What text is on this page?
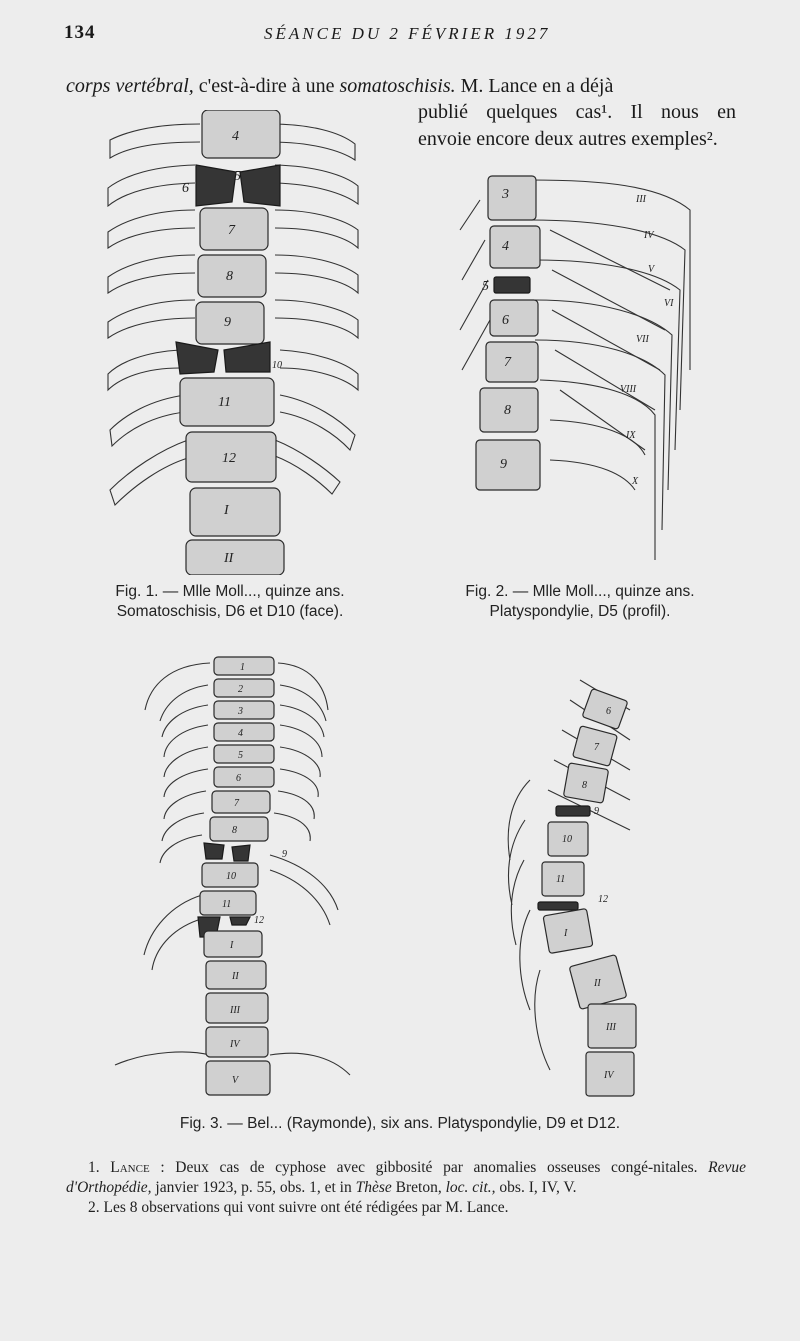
134	SÉANCE DU 2 FÉVRIER 1927
corps vertébral, c'est-à-dire à une somatoschisis. M. Lance en a déjà
publié quelques cas¹. Il nous en
envoie encore deux autres exemples².
4
5
6
7
8
9
10
11
12
I
II
Fig. 1. — Mlle Moll..., quinze ans.
Somatoschisis, D6 et D10 (face).
3
4
5
6
7
8
9
III
IV
V
VI
VII
VIII
IX
X
Fig. 2. — Mlle Moll..., quinze ans.
Platyspondylie, D5 (profil).
1
2
3
4
5
6
7
8
9
10
11
12
I
II
III
IV
V
6
7
8
9
10
11
12
I
II
III
IV
Fig. 3. — Bel... (Raymonde), six ans. Platyspondylie, D9 et D12.

1. Lance : Deux cas de cyphose avec gibbosité par anomalies osseuses congé-nitales. Revue d'Orthopédie, janvier 1923, p. 55, obs. 1, et in Thèse Breton, loc. cit., obs. I, IV, V.

2. Les 8 observations qui vont suivre ont été rédigées par M. Lance.
